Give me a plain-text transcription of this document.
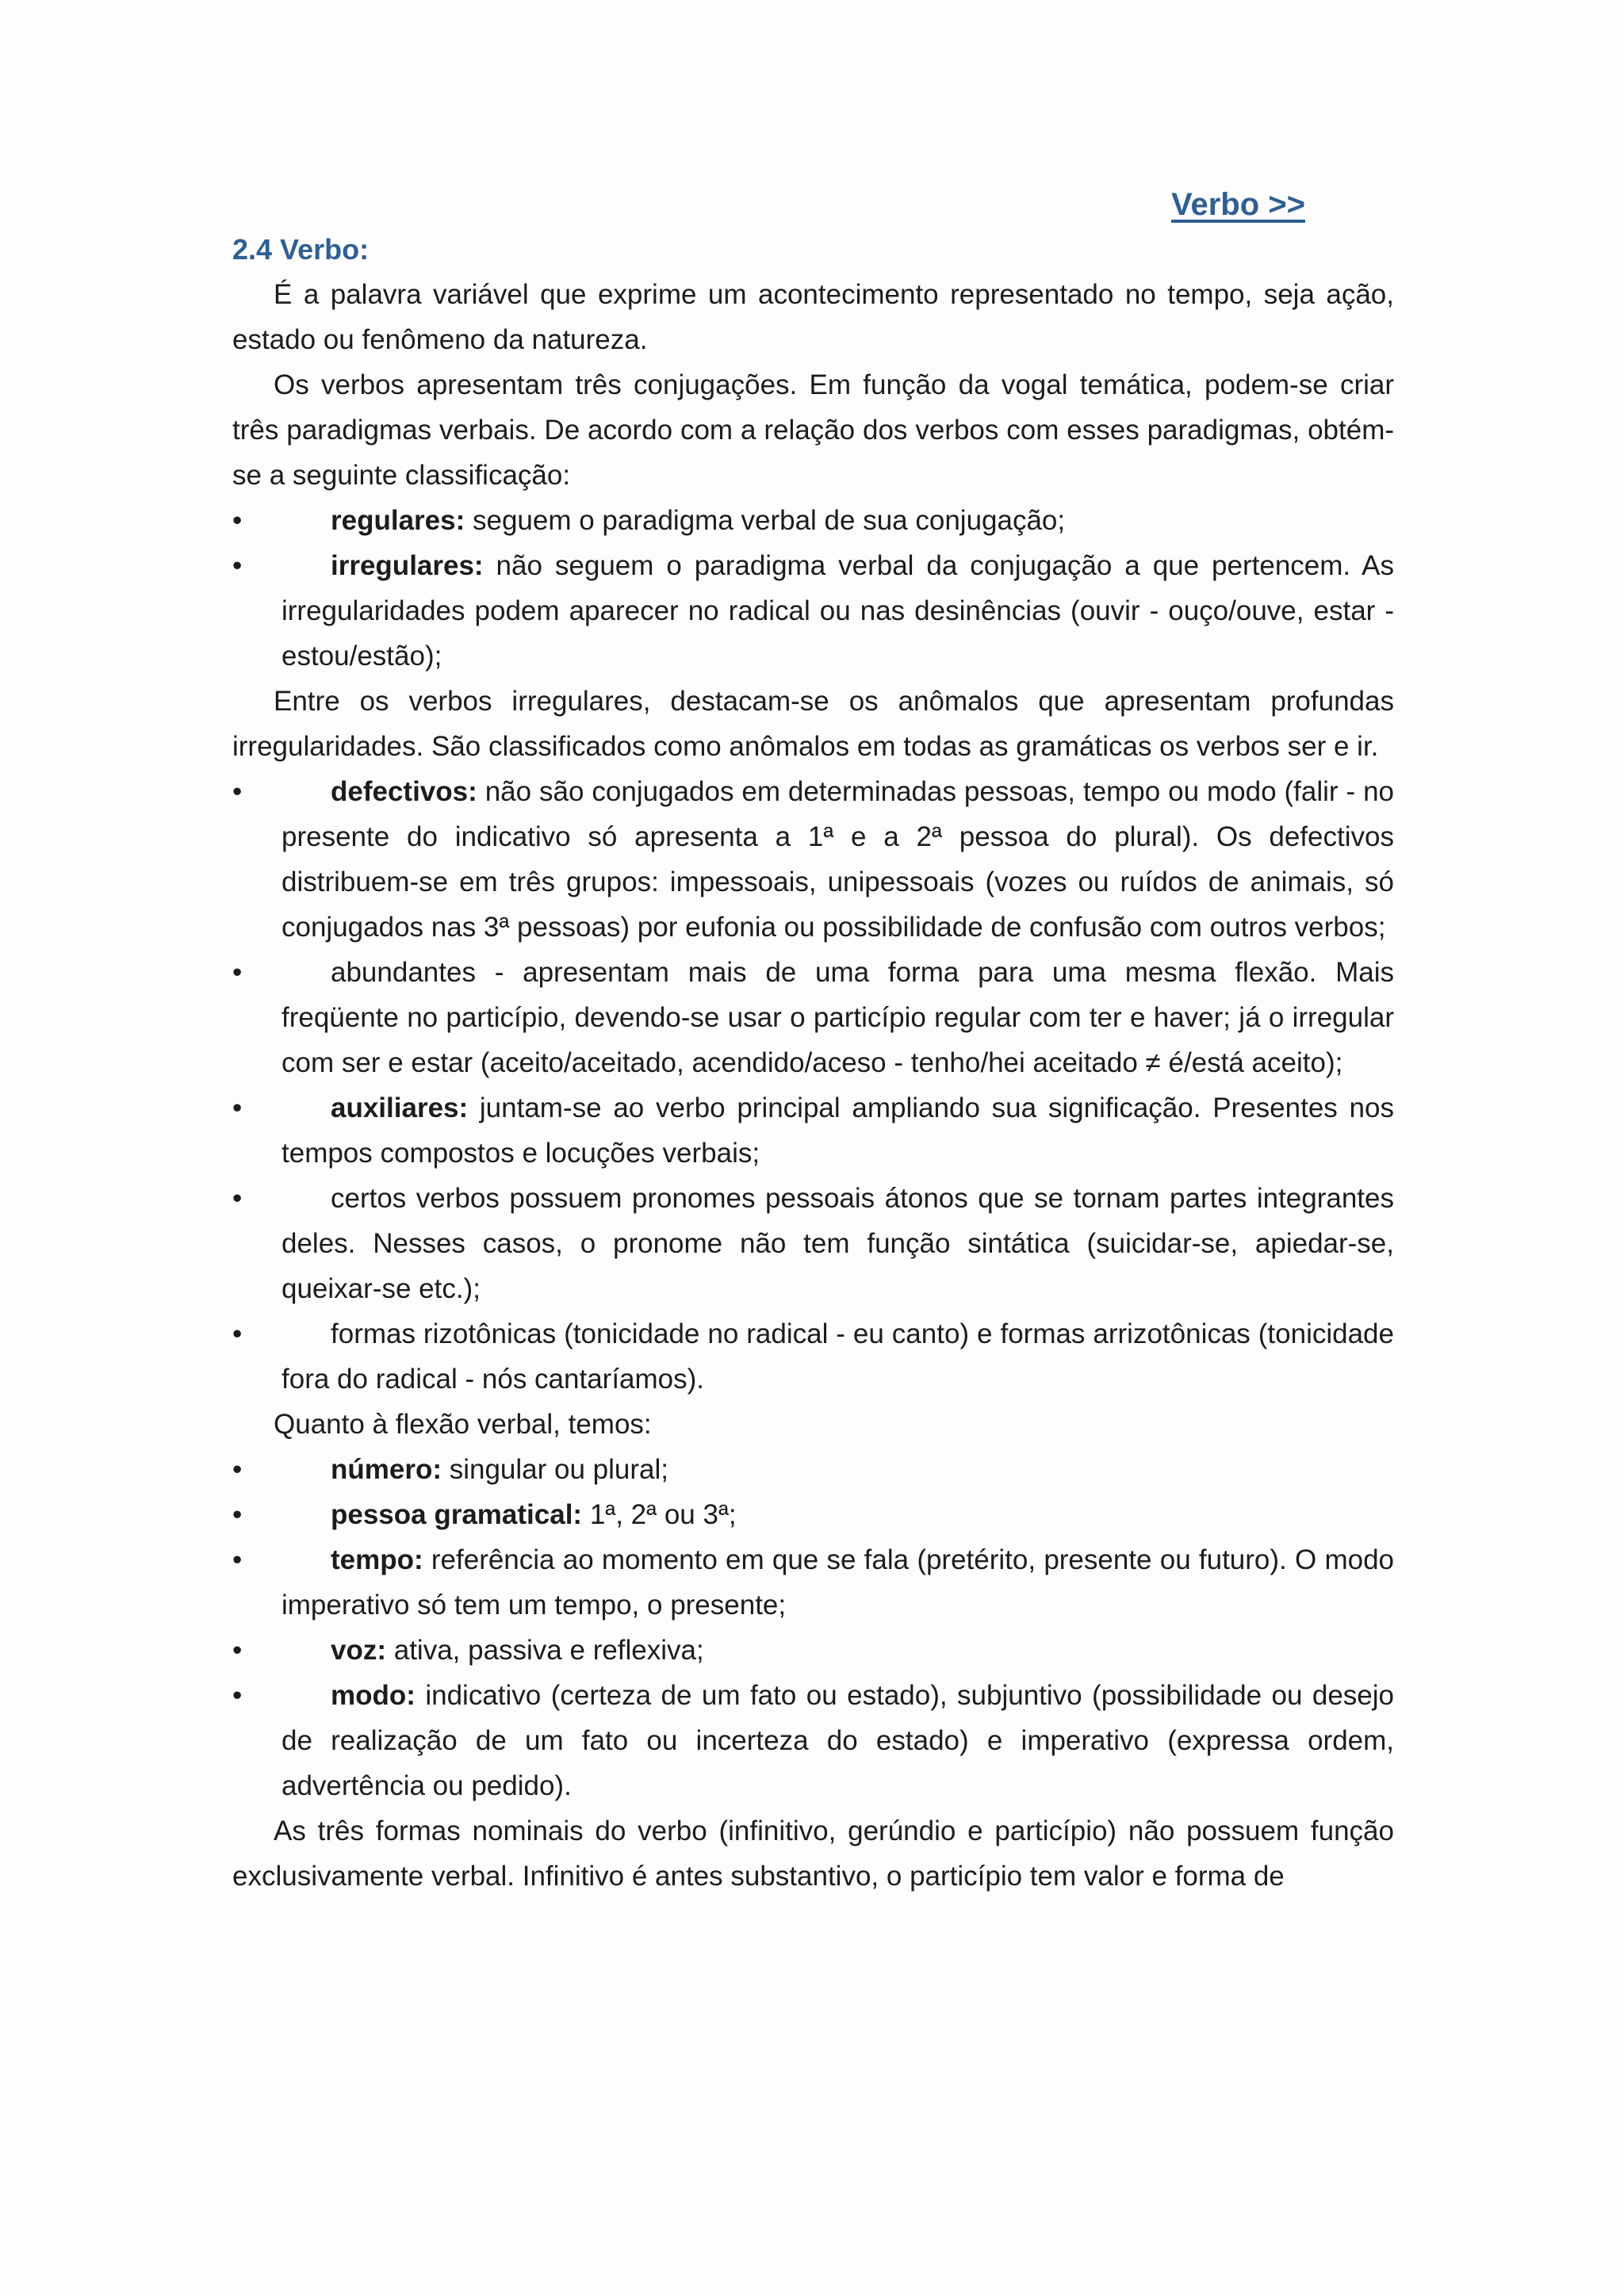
Verbo >>
2.4 Verbo:

É a palavra variável que exprime um acontecimento representado no tempo, seja ação, estado ou fenômeno da natureza.

Os verbos apresentam três conjugações. Em função da vogal temática, podem-se criar três paradigmas verbais. De acordo com a relação dos verbos com esses paradigmas, obtém-se a seguinte classificação:

•	regulares: seguem o paradigma verbal de sua conjugação;

•	irregulares: não seguem o paradigma verbal da conjugação a que pertencem. As irregularidades podem aparecer no radical ou nas desinências (ouvir - ouço/ouve, estar - estou/estão);

Entre os verbos irregulares, destacam-se os anômalos que apresentam profundas irregularidades. São classificados como anômalos em todas as gramáticas os verbos ser e ir.

•	defectivos: não são conjugados em determinadas pessoas, tempo ou modo (falir - no presente do indicativo só apresenta a 1ª e a 2ª pessoa do plural). Os defectivos distribuem-se em três grupos: impessoais, unipessoais (vozes ou ruídos de animais, só conjugados nas 3ª pessoas) por eufonia ou possibilidade de confusão com outros verbos;

•	abundantes - apresentam mais de uma forma para uma mesma flexão. Mais freqüente no particípio, devendo-se usar o particípio regular com ter e haver; já o irregular com ser e estar (aceito/aceitado, acendido/aceso - tenho/hei aceitado ≠ é/está aceito);

•	auxiliares: juntam-se ao verbo principal ampliando sua significação. Presentes nos tempos compostos e locuções verbais;

•	certos verbos possuem pronomes pessoais átonos que se tornam partes integrantes deles. Nesses casos, o pronome não tem função sintática (suicidar-se, apiedar-se, queixar-se etc.);

•	formas rizotônicas (tonicidade no radical - eu canto) e formas arrizotônicas (tonicidade fora do radical - nós cantaríamos).

Quanto à flexão verbal, temos:

•	número: singular ou plural;

•	pessoa gramatical: 1ª, 2ª ou 3ª;

•	tempo: referência ao momento em que se fala (pretérito, presente ou futuro). O modo imperativo só tem um tempo, o presente;

•	voz: ativa, passiva e reflexiva;

•	modo: indicativo (certeza de um fato ou estado), subjuntivo (possibilidade ou desejo de realização de um fato ou incerteza do estado) e imperativo (expressa ordem, advertência ou pedido).

As três formas nominais do verbo (infinitivo, gerúndio e particípio) não possuem função exclusivamente verbal. Infinitivo é antes substantivo, o particípio tem valor e forma de
